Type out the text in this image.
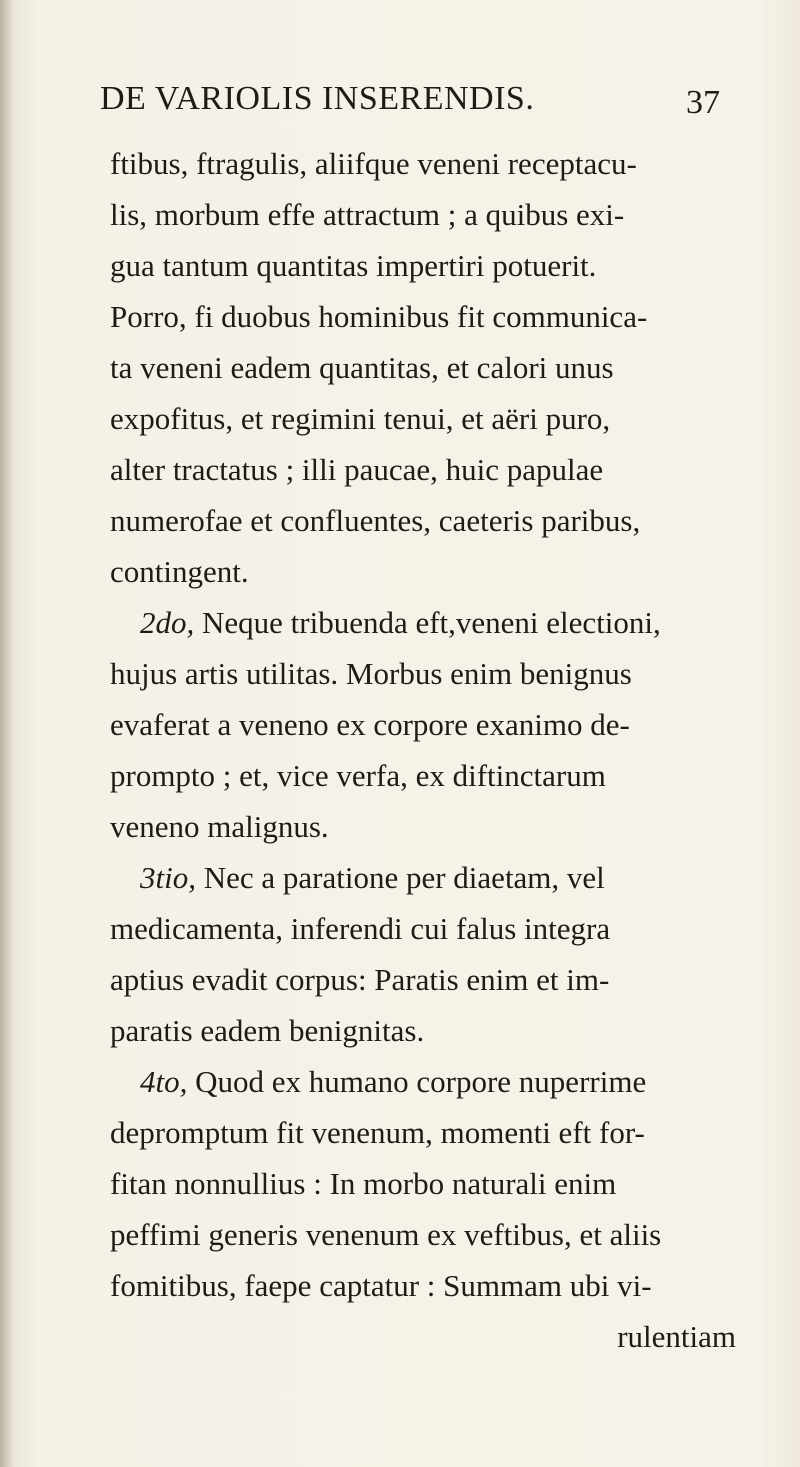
DE VARIOLIS INSERENDIS.	37
ftibus, ftragulis, aliifque veneni receptacu-
lis, morbum effe attractum ; a quibus exi-
gua tantum quantitas impertiri potuerit.
Porro, fi duobus hominibus fit communica-
ta veneni eadem quantitas, et calori unus
expofitus, et regimini tenui, et aëri puro,
alter tractatus ; illi paucae, huic papulae
numerofae et confluentes, caeteris paribus,
contingent.
2do, Neque tribuenda eft,veneni electioni,
hujus artis utilitas. Morbus enim benignus
evaferat a veneno ex corpore exanimo de-
prompto ; et, vice verfa, ex diftinctarum
veneno malignus.
3tio, Nec a paratione per diaetam, vel
medicamenta, inferendi cui falus integra
aptius evadit corpus: Paratis enim et im-
paratis eadem benignitas.
4to, Quod ex humano corpore nuperrime
depromptum fit venenum, momenti eft for-
fitan nonnullius : In morbo naturali enim
peffimi generis venenum ex veftibus, et aliis
fomitibus, faepe captatur : Summam ubi vi-
rulentiam
